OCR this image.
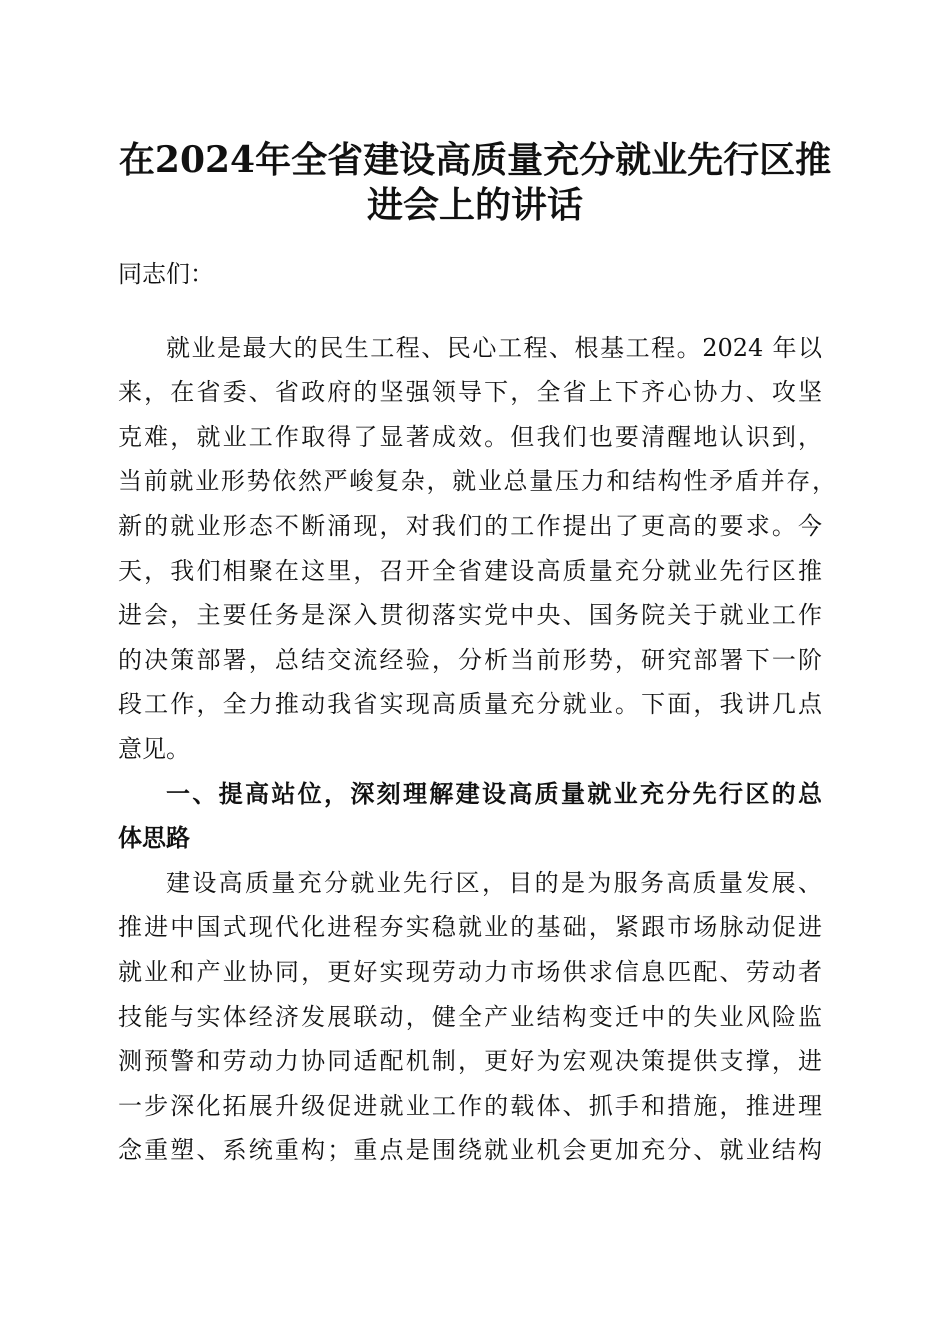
在2024年全省建设高质量充分就业先行区推
进会上的讲话
同志们：
就业是最大的民生工程、民心工程、根基工程。2024 年以
来，在省委、省政府的坚强领导下，全省上下齐心协力、攻坚
克难，就业工作取得了显著成效。但我们也要清醒地认识到，
当前就业形势依然严峻复杂，就业总量压力和结构性矛盾并存，
新的就业形态不断涌现，对我们的工作提出了更高的要求。今
天，我们相聚在这里，召开全省建设高质量充分就业先行区推
进会，主要任务是深入贯彻落实党中央、国务院关于就业工作
的决策部署，总结交流经验，分析当前形势，研究部署下一阶
段工作，全力推动我省实现高质量充分就业。下面，我讲几点
意见。
一、提高站位，深刻理解建设高质量就业充分先行区的总
体思路
建设高质量充分就业先行区，目的是为服务高质量发展、
推进中国式现代化进程夯实稳就业的基础，紧跟市场脉动促进
就业和产业协同，更好实现劳动力市场供求信息匹配、劳动者
技能与实体经济发展联动，健全产业结构变迁中的失业风险监
测预警和劳动力协同适配机制，更好为宏观决策提供支撑，进
一步深化拓展升级促进就业工作的载体、抓手和措施，推进理
念重塑、系统重构；重点是围绕就业机会更加充分、就业结构
